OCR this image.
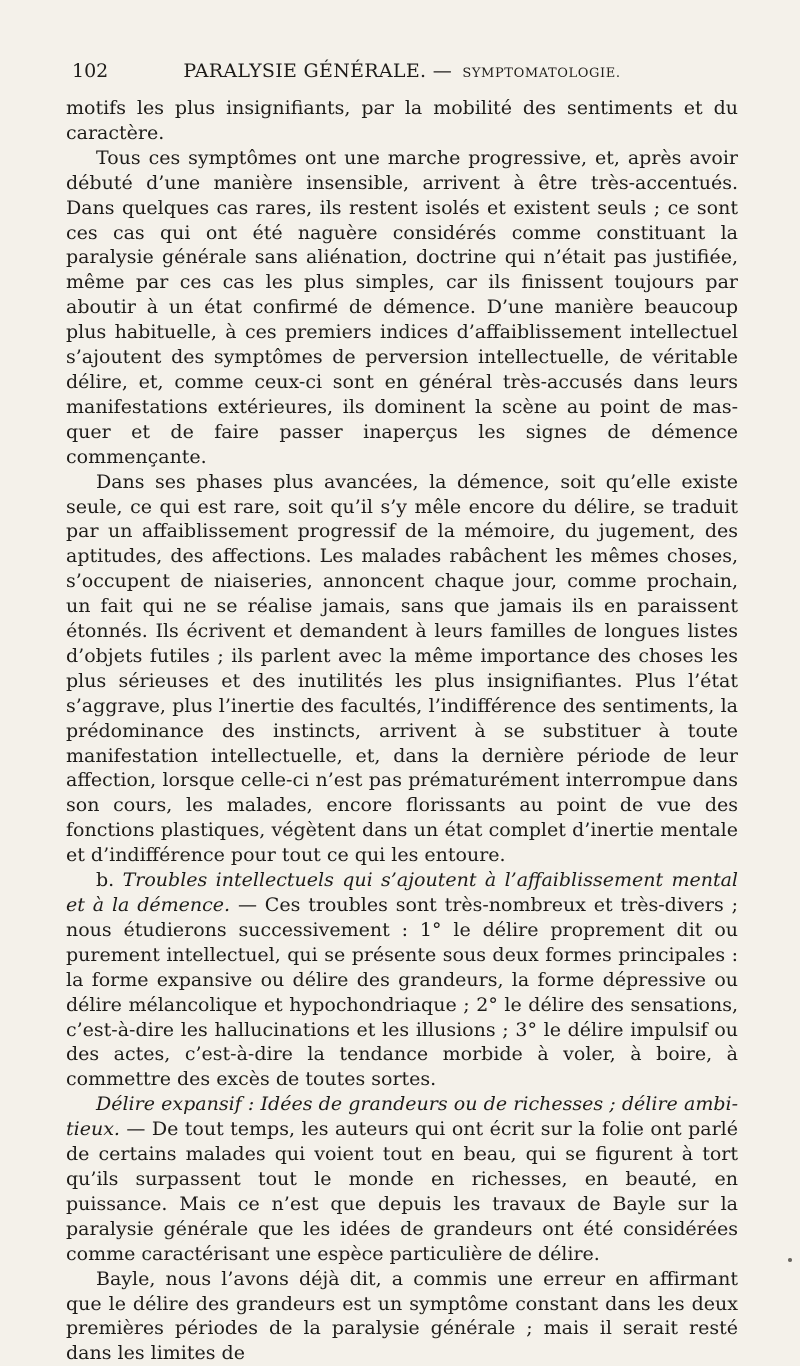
102	PARALYSIE GÉNÉRALE. — SYMPTOMATOLOGIE.

motifs les plus insignifiants, par la mobilité des sentiments et du caractère.

Tous ces symptômes ont une marche progressive, et, après avoir débuté d’une manière insensible, arrivent à être très-accentués. Dans quelques cas rares, ils restent isolés et existent seuls ; ce sont ces cas qui ont été naguère considérés comme constituant la paralysie générale sans aliénation, doctrine qui n’était pas justifiée, même par ces cas les plus simples, car ils finissent toujours par aboutir à un état confirmé de démence. D’une manière beaucoup plus habituelle, à ces premiers indices d’affaiblissement intellectuel s’ajoutent des symptômes de perversion intellectuelle, de véritable délire, et, comme ceux-ci sont en général très-accusés dans leurs manifestations extérieures, ils dominent la scène au point de masquer et de faire passer inaperçus les signes de démence commençante.

Dans ses phases plus avancées, la démence, soit qu’elle existe seule, ce qui est rare, soit qu’il s’y mêle encore du délire, se traduit par un affaiblissement progressif de la mémoire, du jugement, des aptitudes, des affections. Les malades rabâchent les mêmes choses, s’occupent de niaiseries, annoncent chaque jour, comme prochain, un fait qui ne se réalise jamais, sans que jamais ils en paraissent étonnés. Ils écrivent et demandent à leurs familles de longues listes d’objets futiles ; ils parlent avec la même importance des choses les plus sérieuses et des inutilités les plus insignifiantes. Plus l’état s’aggrave, plus l’inertie des facultés, l’indifférence des sentiments, la prédominance des instincts, arrivent à se substituer à toute manifestation intellectuelle, et, dans la dernière période de leur affection, lorsque celle-ci n’est pas prématurément interrompue dans son cours, les malades, encore florissants au point de vue des fonctions plastiques, végètent dans un état complet d’inertie mentale et d’indifférence pour tout ce qui les entoure.

b. Troubles intellectuels qui s’ajoutent à l’affaiblissement mental et à la démence. — Ces troubles sont très-nombreux et très-divers ; nous étudierons successivement : 1° le délire proprement dit ou purement intellectuel, qui se présente sous deux formes principales : la forme expansive ou délire des grandeurs, la forme dépressive ou délire mélancolique et hypochondriaque ; 2° le délire des sensations, c’est-à-dire les hallucinations et les illusions ; 3° le délire impulsif ou des actes, c’est-à-dire la tendance morbide à voler, à boire, à commettre des excès de toutes sortes.

Délire expansif : Idées de grandeurs ou de richesses ; délire ambitieux. — De tout temps, les auteurs qui ont écrit sur la folie ont parlé de certains malades qui voient tout en beau, qui se figurent à tort qu’ils surpassent tout le monde en richesses, en beauté, en puissance. Mais ce n’est que depuis les travaux de Bayle sur la paralysie générale que les idées de grandeurs ont été considérées comme caractérisant une espèce particulière de délire.

Bayle, nous l’avons déjà dit, a commis une erreur en affirmant que le délire des grandeurs est un symptôme constant dans les deux premières périodes de la paralysie générale ; mais il serait resté dans les limites de
